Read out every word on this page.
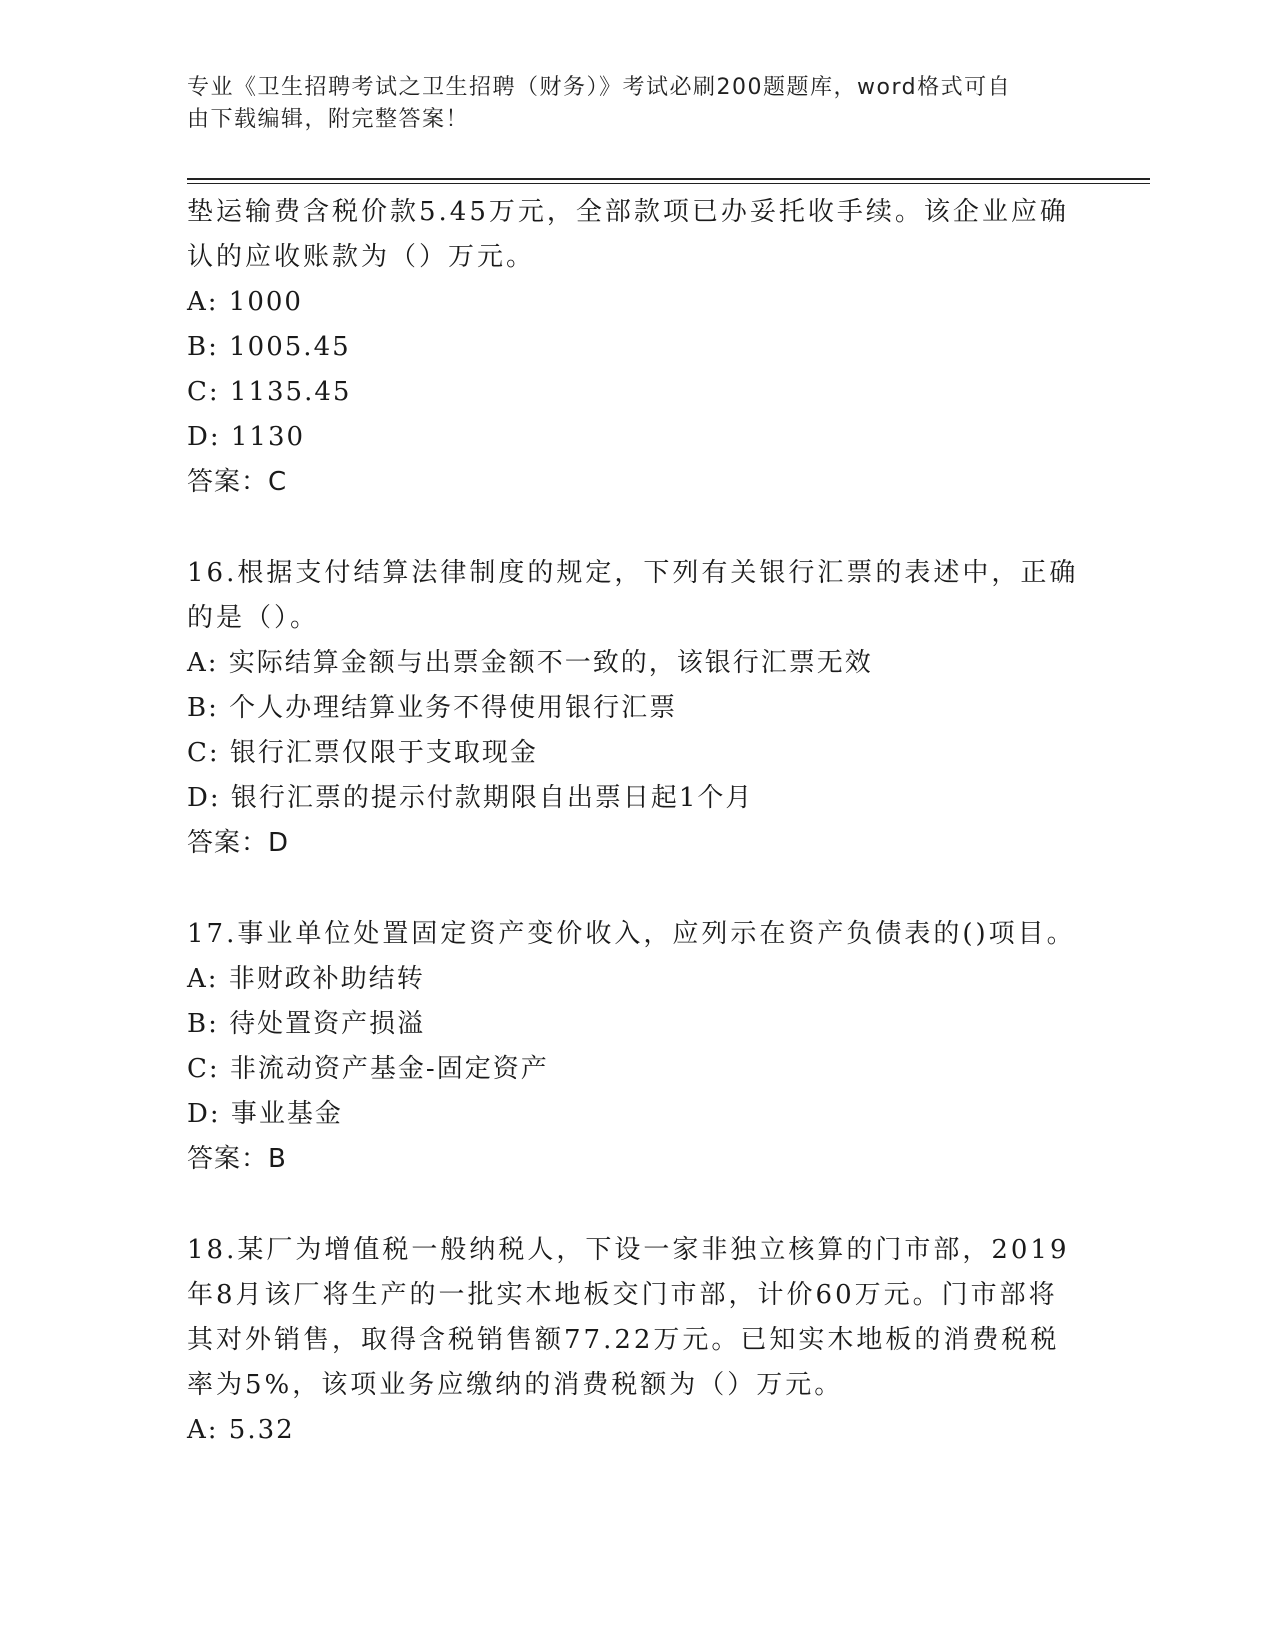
专业《卫生招聘考试之卫生招聘（财务）》考试必刷200题题库，word格式可自
由下载编辑，附完整答案！

垫运输费含税价款5.45万元，全部款项已办妥托收手续。该企业应确

认的应收账款为（）万元。

A: 1000

B: 1005.45

C: 1135.45

D: 1130

答案：C

16.根据支付结算法律制度的规定，下列有关银行汇票的表述中，正确

的是（）。

A: 实际结算金额与出票金额不一致的，该银行汇票无效

B: 个人办理结算业务不得使用银行汇票

C: 银行汇票仅限于支取现金

D: 银行汇票的提示付款期限自出票日起1个月

答案：D

17.事业单位处置固定资产变价收入，应列示在资产负债表的()项目。

A: 非财政补助结转

B: 待处置资产损溢

C: 非流动资产基金-固定资产

D: 事业基金

答案：B

18.某厂为增值税一般纳税人，下设一家非独立核算的门市部，2019

年8月该厂将生产的一批实木地板交门市部，计价60万元。门市部将

其对外销售，取得含税销售额77.22万元。已知实木地板的消费税税

率为5%，该项业务应缴纳的消费税额为（）万元。

A: 5.32
